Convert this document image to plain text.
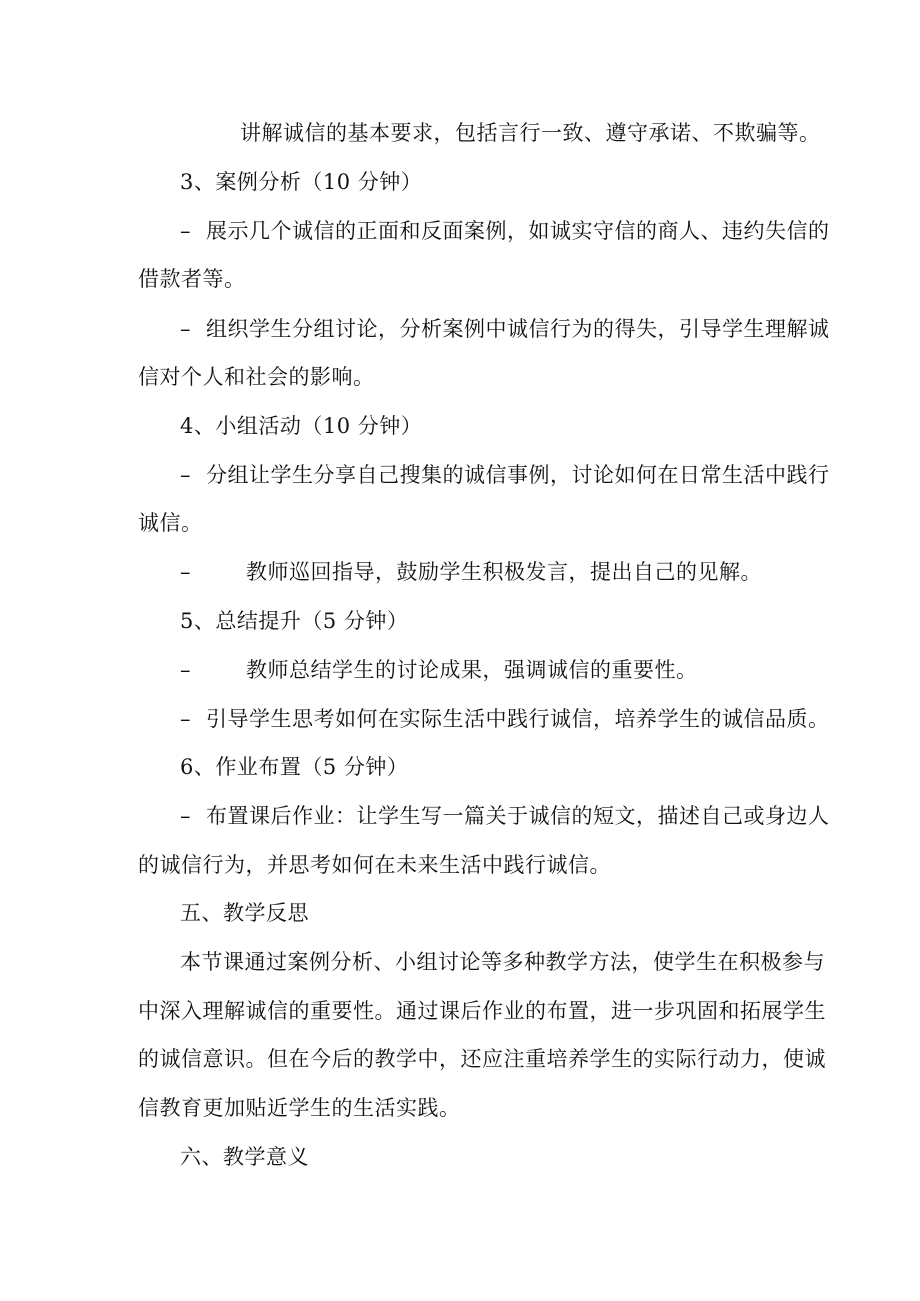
讲解诚信的基本要求，包括言行一致、遵守承诺、不欺骗等。
3、案例分析（10 分钟）
– 展示几个诚信的正面和反面案例，如诚实守信的商人、违约失信的
借款者等。
– 组织学生分组讨论，分析案例中诚信行为的得失，引导学生理解诚
信对个人和社会的影响。
4、小组活动（10 分钟）
– 分组让学生分享自己搜集的诚信事例，讨论如何在日常生活中践行
诚信。
–	教师巡回指导，鼓励学生积极发言，提出自己的见解。
5、总结提升（5 分钟）
–	教师总结学生的讨论成果，强调诚信的重要性。
– 引导学生思考如何在实际生活中践行诚信，培养学生的诚信品质。
6、作业布置（5 分钟）
– 布置课后作业：让学生写一篇关于诚信的短文，描述自己或身边人
的诚信行为，并思考如何在未来生活中践行诚信。
五、教学反思
本节课通过案例分析、小组讨论等多种教学方法，使学生在积极参与
中深入理解诚信的重要性。通过课后作业的布置，进一步巩固和拓展学生
的诚信意识。但在今后的教学中，还应注重培养学生的实际行动力，使诚
信教育更加贴近学生的生活实践。
六、教学意义
